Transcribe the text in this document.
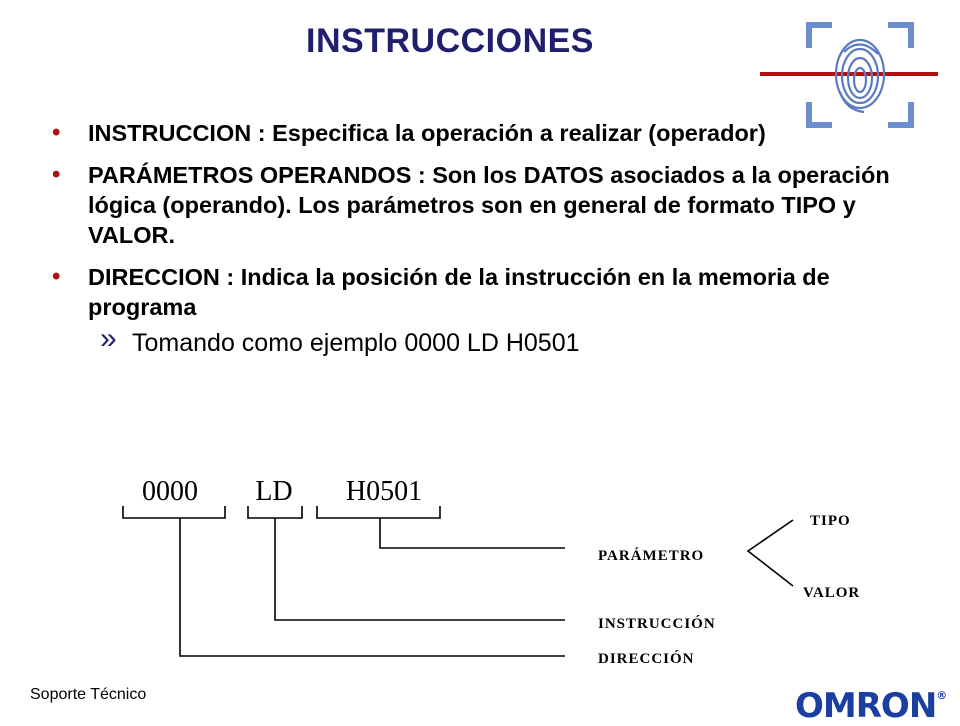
INSTRUCCIONES
• INSTRUCCION : Especifica la operación a realizar (operador)
• PARÁMETROS OPERANDOS : Son los DATOS asociados a la operación lógica (operando). Los parámetros son en general de formato TIPO y VALOR.
• DIRECCION : Indica la posición de la instrucción en la memoria de programa
» Tomando como ejemplo 0000 LD H0501
0000 LD H0501
PARÁMETRO
INSTRUCCIÓN
DIRECCIÓN
TIPO
VALOR
Soporte Técnico	OMRON®
